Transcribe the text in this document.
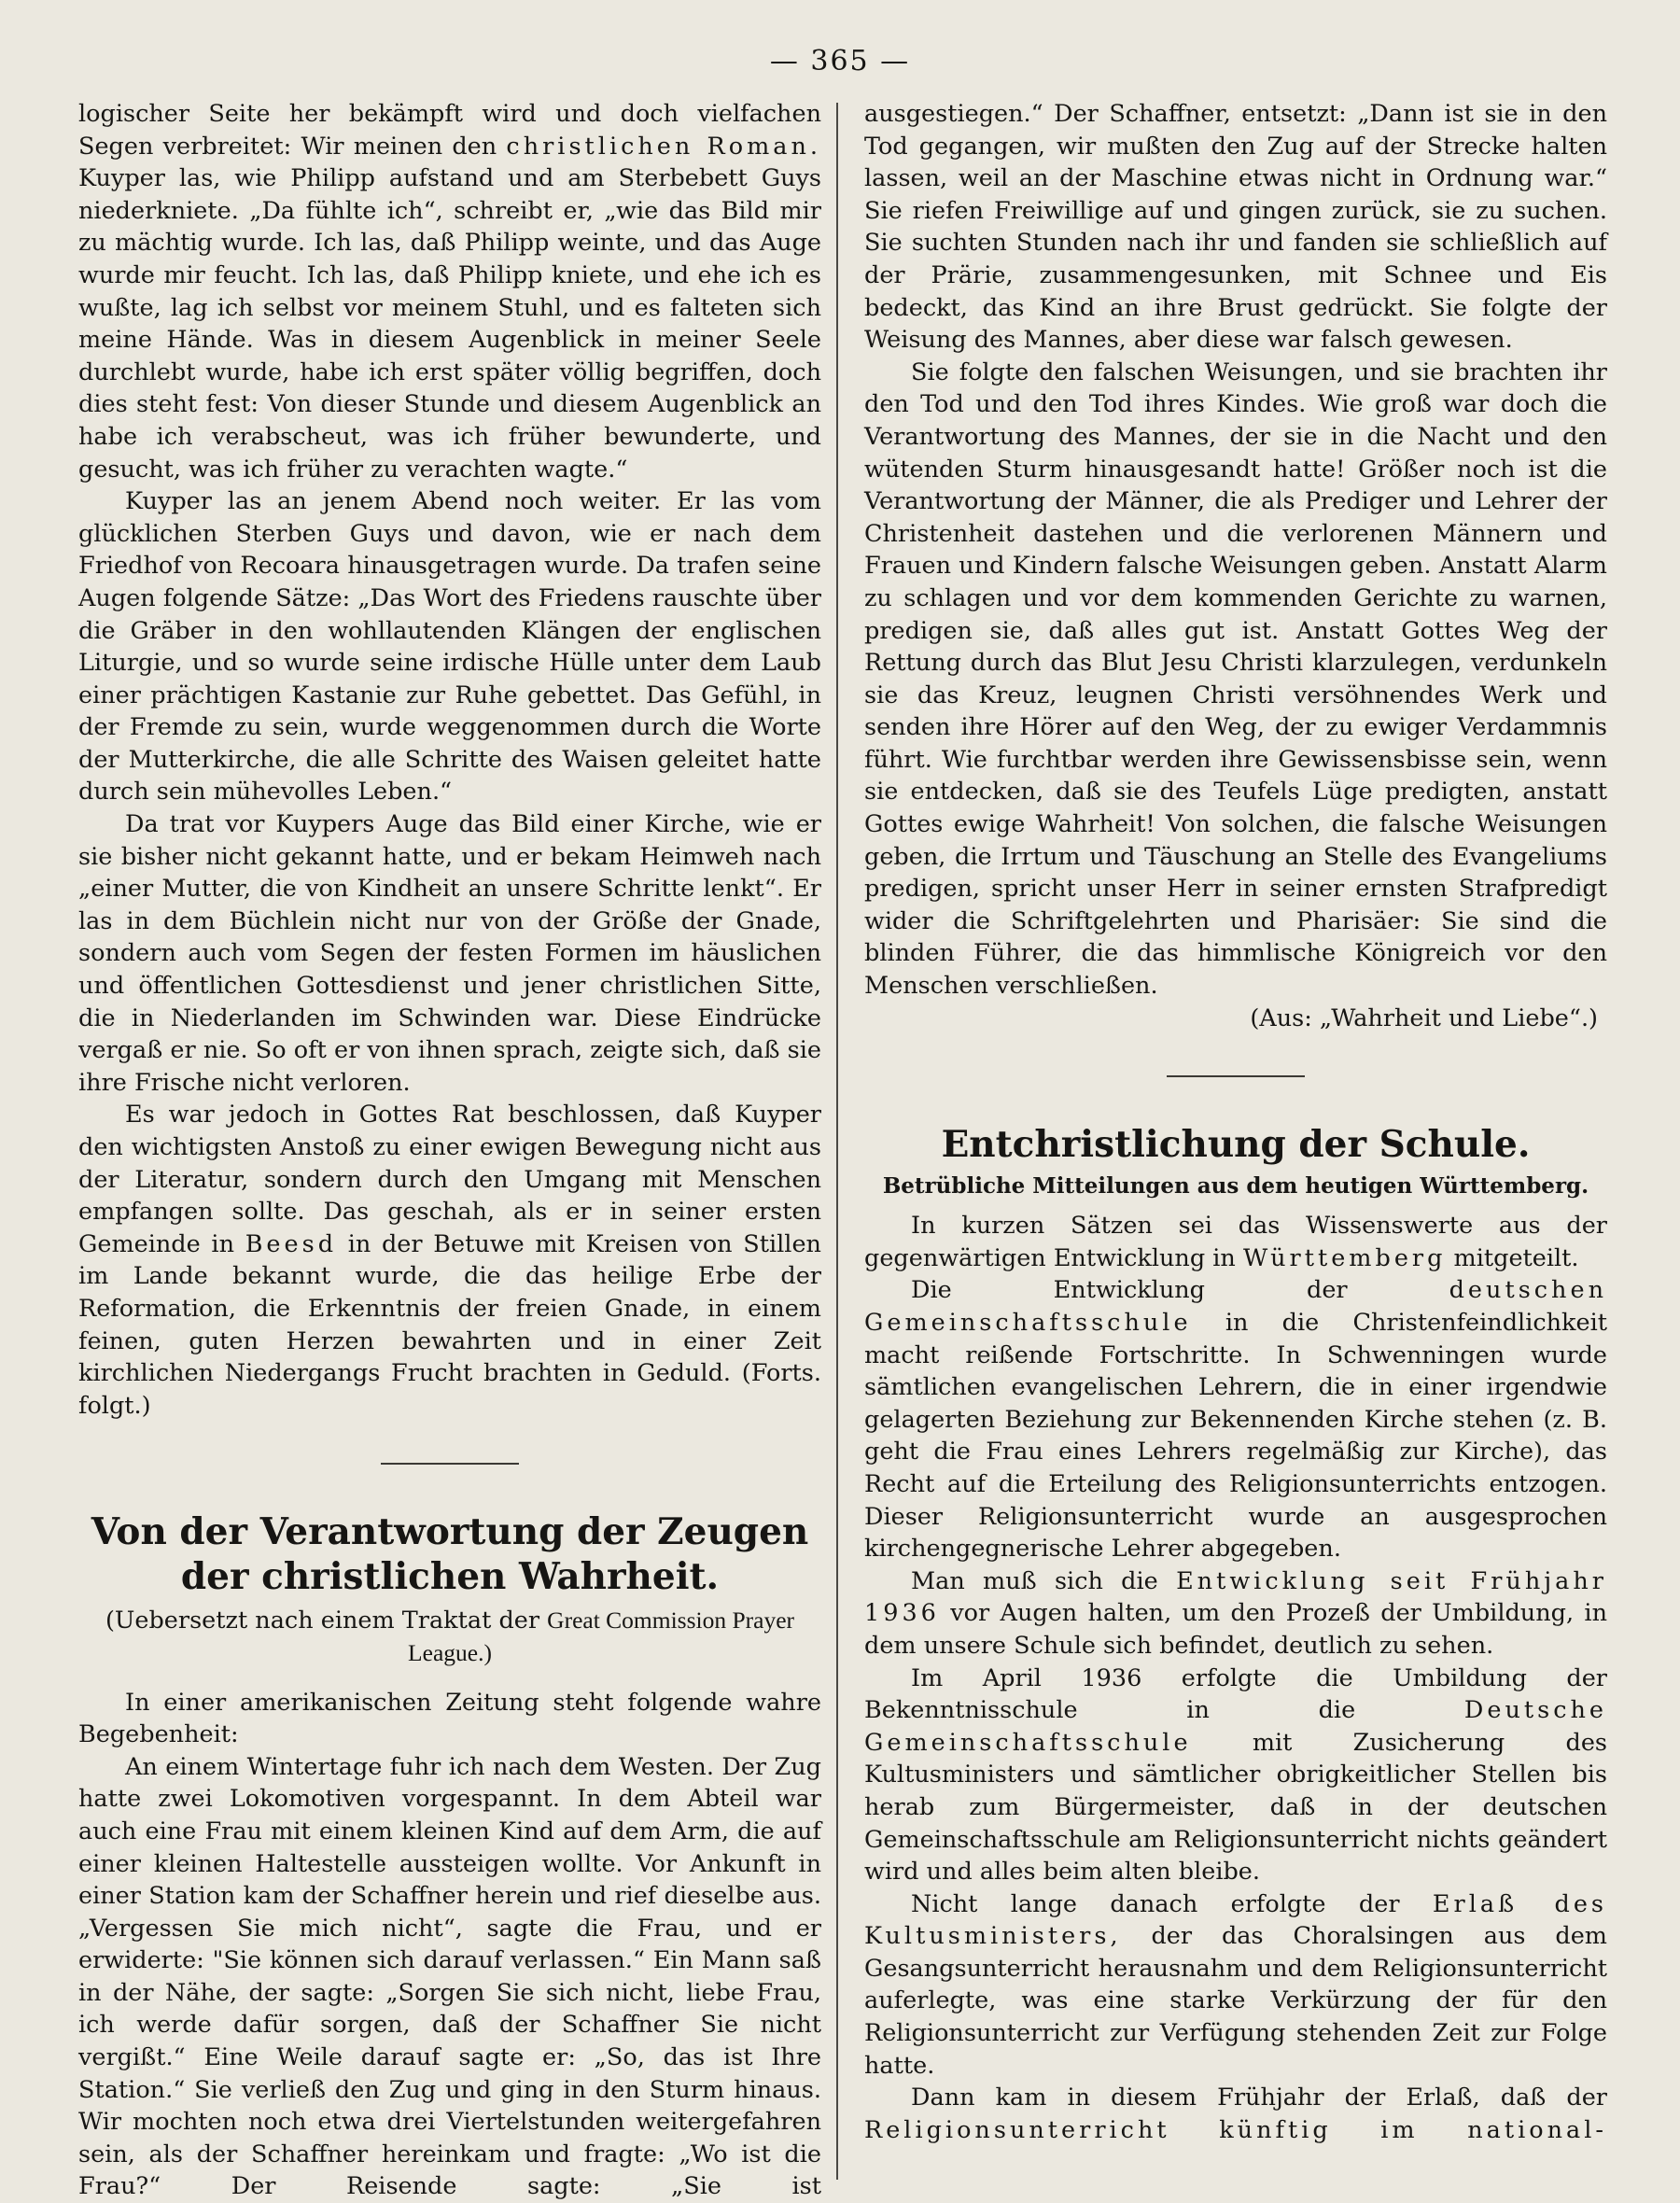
— 365 —

logischer Seite her bekämpft wird und doch vielfachen Segen verbreitet: Wir meinen den christlichen Roman. Kuyper las, wie Philipp aufstand und am Sterbebett Guys niederkniete. „Da fühlte ich“, schreibt er, „wie das Bild mir zu mächtig wurde. Ich las, daß Philipp weinte, und das Auge wurde mir feucht. Ich las, daß Philipp kniete, und ehe ich es wußte, lag ich selbst vor meinem Stuhl, und es falteten sich meine Hände. Was in diesem Augenblick in meiner Seele durchlebt wurde, habe ich erst später völlig begriffen, doch dies steht fest: Von dieser Stunde und diesem Augenblick an habe ich verabscheut, was ich früher bewunderte, und gesucht, was ich früher zu verachten wagte.“

Kuyper las an jenem Abend noch weiter. Er las vom glücklichen Sterben Guys und davon, wie er nach dem Friedhof von Recoara hinausgetragen wurde. Da trafen seine Augen folgende Sätze: „Das Wort des Friedens rauschte über die Gräber in den wohllautenden Klängen der englischen Liturgie, und so wurde seine irdische Hülle unter dem Laub einer prächtigen Kastanie zur Ruhe gebettet. Das Gefühl, in der Fremde zu sein, wurde weggenommen durch die Worte der Mutterkirche, die alle Schritte des Waisen geleitet hatte durch sein mühevolles Leben.“

Da trat vor Kuypers Auge das Bild einer Kirche, wie er sie bisher nicht gekannt hatte, und er bekam Heimweh nach „einer Mutter, die von Kindheit an unsere Schritte lenkt“. Er las in dem Büchlein nicht nur von der Größe der Gnade, sondern auch vom Segen der festen Formen im häuslichen und öffentlichen Gottesdienst und jener christlichen Sitte, die in Niederlanden im Schwinden war. Diese Eindrücke vergaß er nie. So oft er von ihnen sprach, zeigte sich, daß sie ihre Frische nicht verloren.

Es war jedoch in Gottes Rat beschlossen, daß Kuyper den wichtigsten Anstoß zu einer ewigen Bewegung nicht aus der Literatur, sondern durch den Umgang mit Menschen empfangen sollte. Das geschah, als er in seiner ersten Gemeinde in Beesd in der Betuwe mit Kreisen von Stillen im Lande bekannt wurde, die das heilige Erbe der Reformation, die Erkenntnis der freien Gnade, in einem feinen, guten Herzen bewahrten und in einer Zeit kirchlichen Niedergangs Frucht brachten in Geduld. (Forts. folgt.)

Von der Verantwortung der Zeugen der christlichen Wahrheit.
(Uebersetzt nach einem Traktat der Great Commission Prayer League.)

In einer amerikanischen Zeitung steht folgende wahre Begebenheit:

An einem Wintertage fuhr ich nach dem Westen. Der Zug hatte zwei Lokomotiven vorgespannt. In dem Abteil war auch eine Frau mit einem kleinen Kind auf dem Arm, die auf einer kleinen Haltestelle aussteigen wollte. Vor Ankunft in einer Station kam der Schaffner herein und rief dieselbe aus. „Vergessen Sie mich nicht“, sagte die Frau, und er erwiderte: "Sie können sich darauf verlassen.“ Ein Mann saß in der Nähe, der sagte: „Sorgen Sie sich nicht, liebe Frau, ich werde dafür sorgen, daß der Schaffner Sie nicht vergißt.“ Eine Weile darauf sagte er: „So, das ist Ihre Station.“ Sie verließ den Zug und ging in den Sturm hinaus. Wir mochten noch etwa drei Viertelstunden weitergefahren sein, als der Schaffner hereinkam und fragte: „Wo ist die Frau?“ Der Reisende sagte: „Sie ist

ausgestiegen.“ Der Schaffner, entsetzt: „Dann ist sie in den Tod gegangen, wir mußten den Zug auf der Strecke halten lassen, weil an der Maschine etwas nicht in Ordnung war.“ Sie riefen Freiwillige auf und gingen zurück, sie zu suchen. Sie suchten Stunden nach ihr und fanden sie schließlich auf der Prärie, zusammengesunken, mit Schnee und Eis bedeckt, das Kind an ihre Brust gedrückt. Sie folgte der Weisung des Mannes, aber diese war falsch gewesen.

Sie folgte den falschen Weisungen, und sie brachten ihr den Tod und den Tod ihres Kindes. Wie groß war doch die Verantwortung des Mannes, der sie in die Nacht und den wütenden Sturm hinausgesandt hatte! Größer noch ist die Verantwortung der Männer, die als Prediger und Lehrer der Christenheit dastehen und die verlorenen Männern und Frauen und Kindern falsche Weisungen geben. Anstatt Alarm zu schlagen und vor dem kommenden Gerichte zu warnen, predigen sie, daß alles gut ist. Anstatt Gottes Weg der Rettung durch das Blut Jesu Christi klarzulegen, verdunkeln sie das Kreuz, leugnen Christi versöhnendes Werk und senden ihre Hörer auf den Weg, der zu ewiger Verdammnis führt. Wie furchtbar werden ihre Gewissensbisse sein, wenn sie entdecken, daß sie des Teufels Lüge predigten, anstatt Gottes ewige Wahrheit! Von solchen, die falsche Weisungen geben, die Irrtum und Täuschung an Stelle des Evangeliums predigen, spricht unser Herr in seiner ernsten Strafpredigt wider die Schriftgelehrten und Pharisäer: Sie sind die blinden Führer, die das himmlische Königreich vor den Menschen verschließen.

(Aus: „Wahrheit und Liebe“.)

Entchristlichung der Schule.
Betrübliche Mitteilungen aus dem heutigen Württemberg.

In kurzen Sätzen sei das Wissenswerte aus der gegenwärtigen Entwicklung in Württemberg mitgeteilt.

Die Entwicklung der	deutschen Gemeinschaftsschule in die Christenfeindlichkeit macht reißende Fortschritte. In Schwenningen wurde sämtlichen evangelischen Lehrern, die in einer irgendwie gelagerten Beziehung zur Bekennenden Kirche stehen (z. B. geht die Frau eines Lehrers regelmäßig zur Kirche), das Recht auf die Erteilung des Religionsunterrichts entzogen. Dieser Religionsunterricht wurde an ausgesprochen kirchengegnerische Lehrer abgegeben.

Man muß sich die Entwicklung seit Frühjahr 1936 vor Augen halten, um den Prozeß der Umbildung, in dem unsere Schule sich befindet, deutlich zu sehen.

Im April 1936 erfolgte die Umbildung der Bekenntnisschule in die	Deutsche Gemeinschaftsschule	mit Zusicherung des Kultusministers und sämtlicher obrigkeitlicher Stellen bis herab zum Bürgermeister, daß in der deutschen Gemeinschaftsschule am Religionsunterricht nichts geändert wird und alles beim alten bleibe.

Nicht lange danach erfolgte der Erlaß des Kultusministers, der das Choralsingen aus dem Gesangsunterricht herausnahm und dem Religionsunterricht auferlegte, was eine starke Verkürzung der für den Religionsunterricht zur Verfügung stehenden Zeit zur Folge hatte.

Dann kam in diesem Frühjahr der Erlaß, daß der Religionsunterricht künftig im national-
